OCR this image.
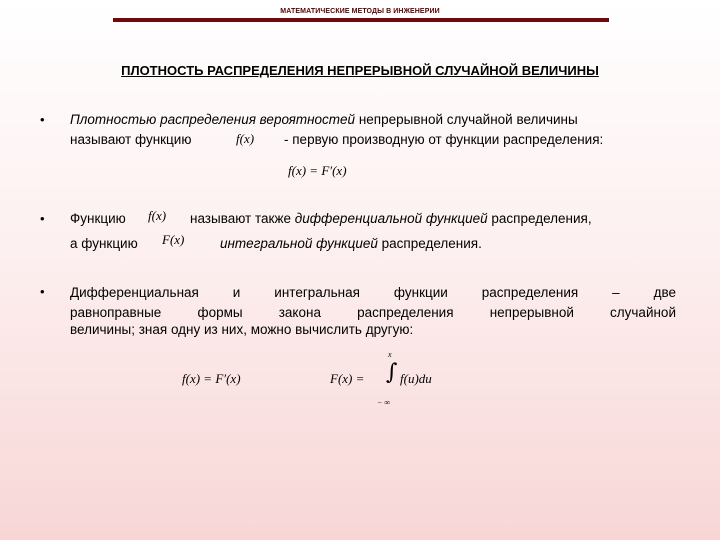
МАТЕМАТИЧЕСКИЕ МЕТОДЫ В ИНЖЕНЕРИИ
ПЛОТНОСТЬ РАСПРЕДЕЛЕНИЯ НЕПРЕРЫВНОЙ СЛУЧАЙНОЙ ВЕЛИЧИНЫ
• Плотностью распределения вероятностей непрерывной случайной величины
называют функцию	f(x) - первую производную от функции распределения:
f(x) = F′(x)
• Функцию f(x) называют также дифференциальной функцией распределения,
а функцию F(x)	интегральной функцией распределения.
• Дифференциальная и интегральная функции распределения – две
равноправные формы закона распределения непрерывной случайной
величины; зная одну из них, можно вычислить другую:
f(x) = F′(x)	F(x) =
x
∫
− ∞
f(u)du
